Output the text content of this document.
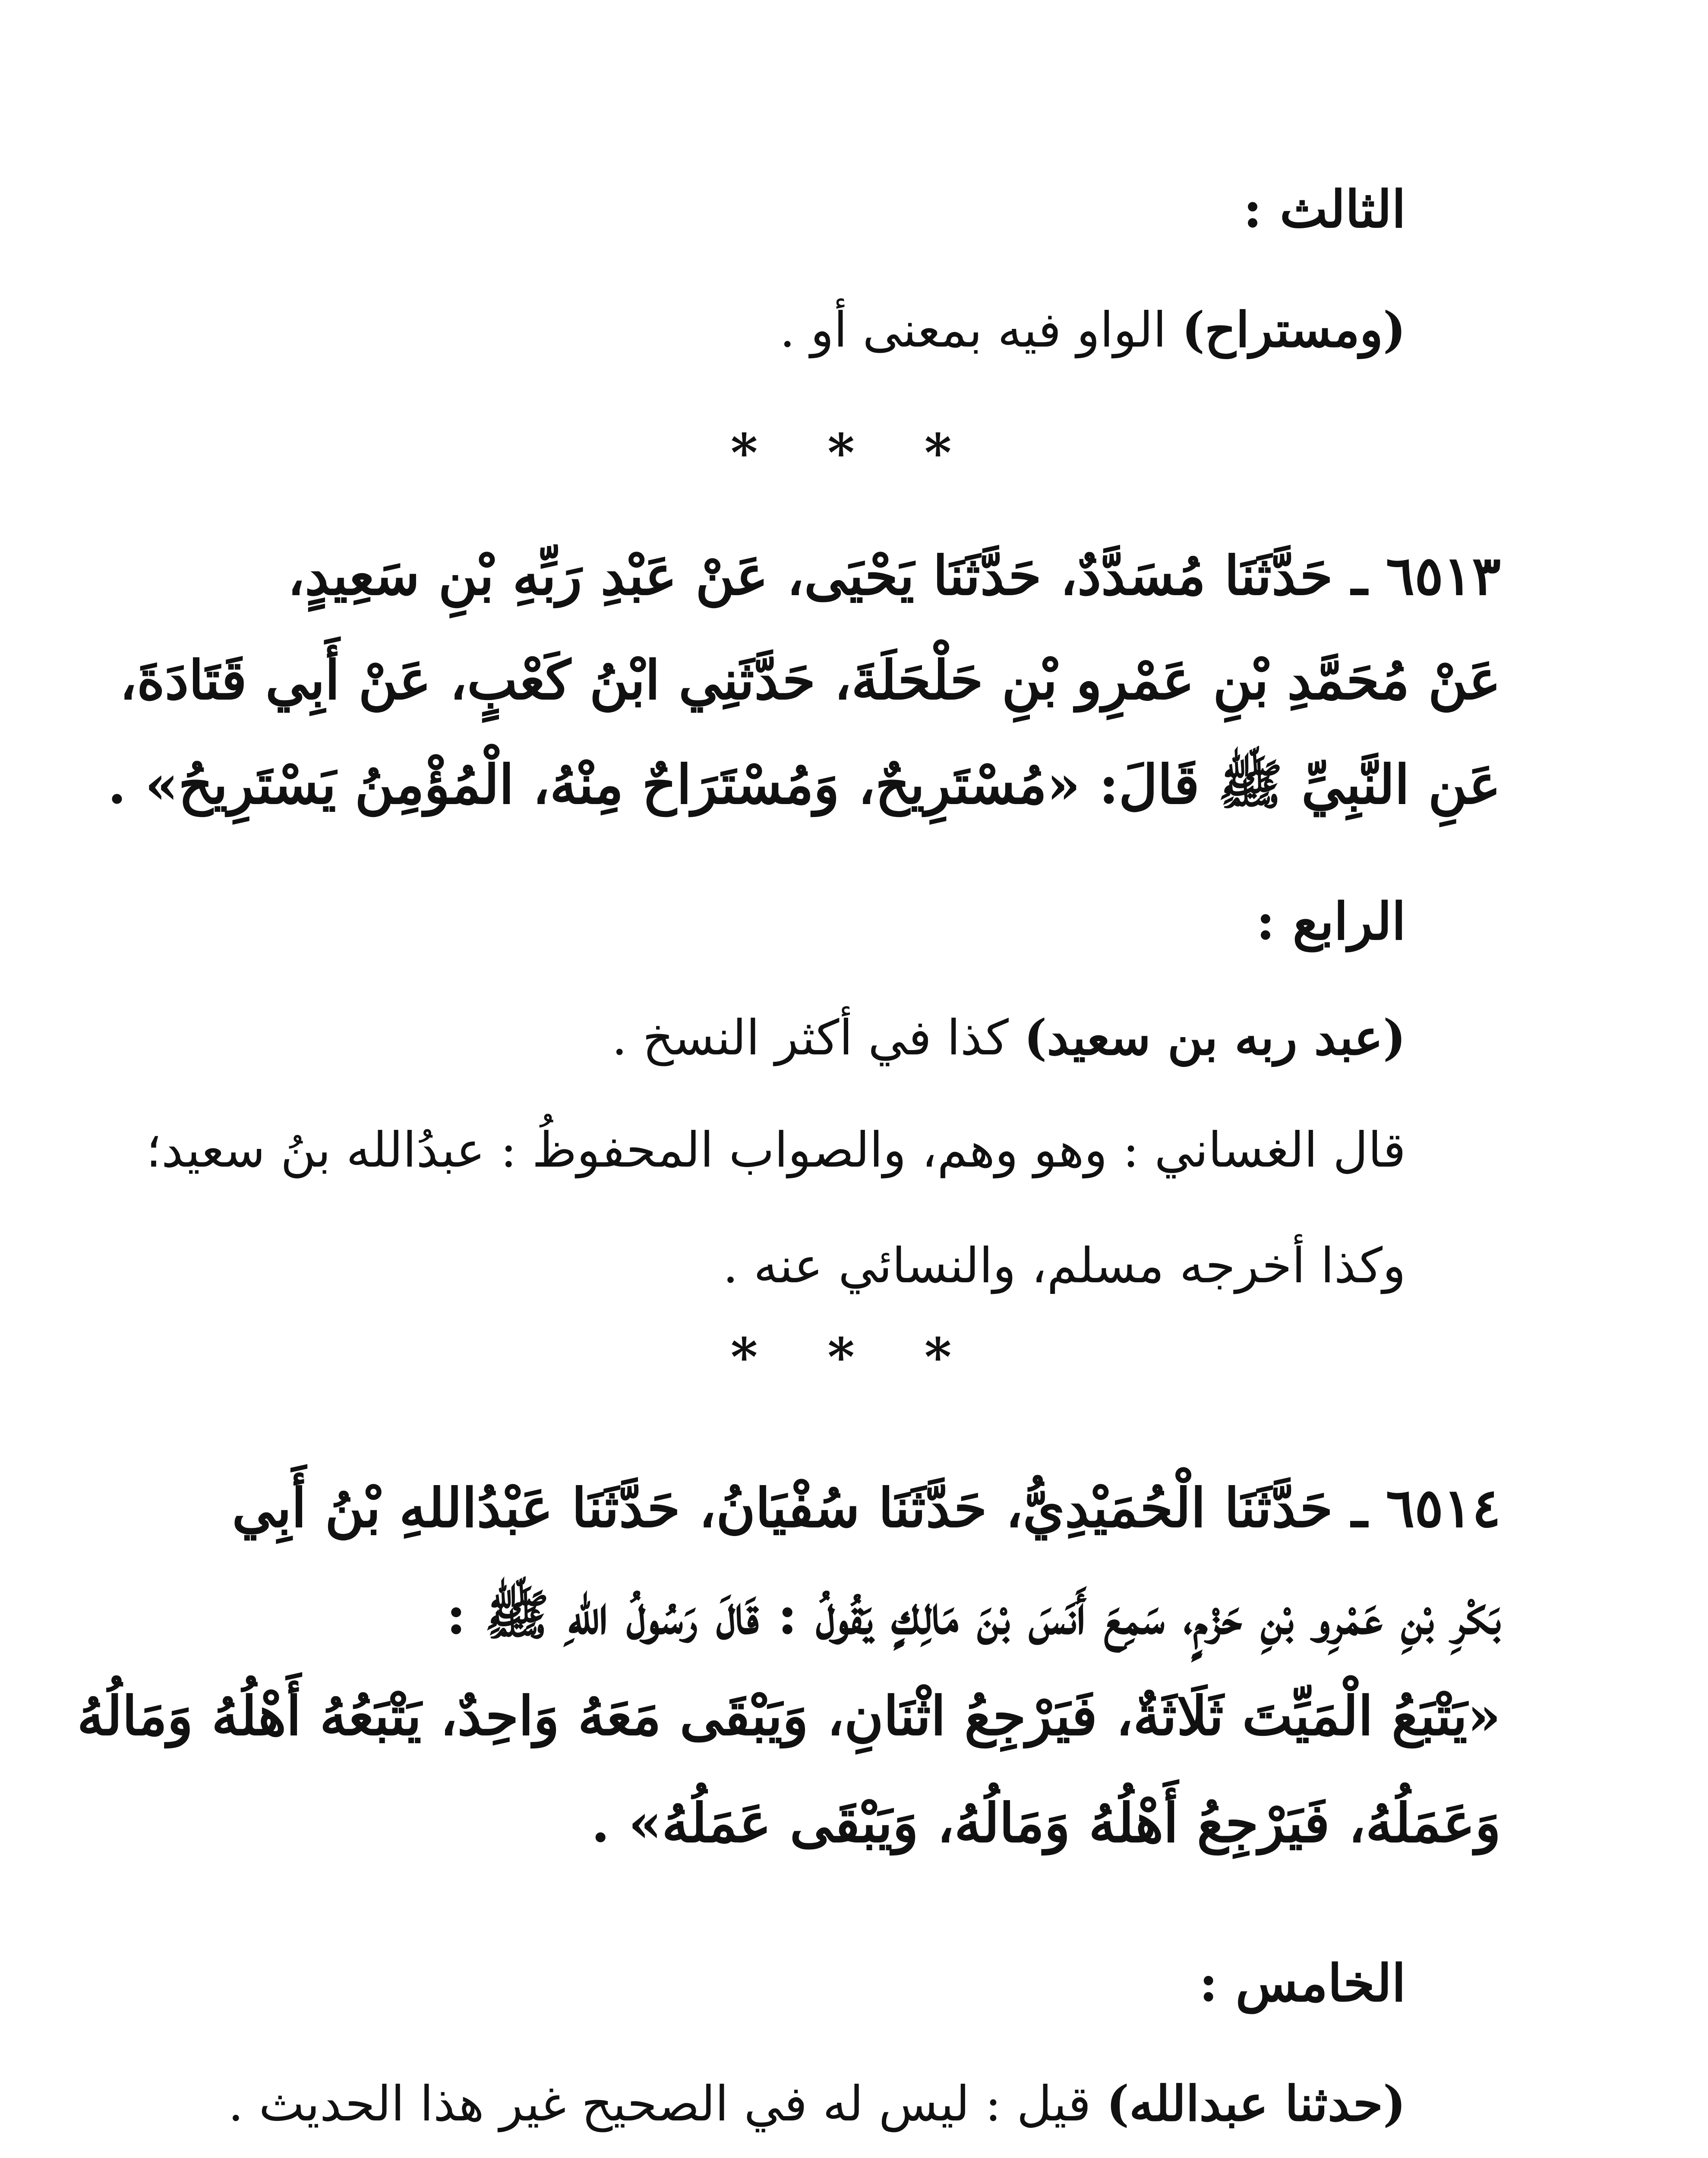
الثالث :
(ومستراح) الواو فيه بمعنى أو .
* * *
٦٥١٣ ـ حَدَّثَنَا مُسَدَّدٌ، حَدَّثَنَا يَحْيَى، عَنْ عَبْدِ رَبِّهِ بْنِ سَعِيدٍ،
عَنْ مُحَمَّدِ بْنِ عَمْرِو بْنِ حَلْحَلَةَ، حَدَّثَنِي ابْنُ كَعْبٍ، عَنْ أَبِي قَتَادَةَ،
عَنِ النَّبِيِّ ﷺ قَالَ: «مُسْتَرِيحٌ، وَمُسْتَرَاحٌ مِنْهُ، الْمُؤْمِنُ يَسْتَرِيحُ» .
الرابع :
(عبد ربه بن سعيد) كذا في أكثر النسخ .
قال الغساني : وهو وهم، والصواب المحفوظُ : عبدُالله بنُ سعيد؛
وكذا أخرجه مسلم، والنسائي عنه .
* * *
٦٥١٤ ـ حَدَّثَنَا الْحُمَيْدِيُّ، حَدَّثَنَا سُفْيَانُ، حَدَّثَنَا عَبْدُاللهِ بْنُ أَبِي
بَكْرِ بْنِ عَمْرِو بْنِ حَزْمٍ، سَمِعَ أَنَسَ بْنَ مَالِكٍ يَقُولُ : قَالَ رَسُولُ اللهِ ﷺ :
«يَتْبَعُ الْمَيِّتَ ثَلَاثَةٌ، فَيَرْجِعُ اثْنَانِ، وَيَبْقَى مَعَهُ وَاحِدٌ، يَتْبَعُهُ أَهْلُهُ وَمَالُهُ
وَعَمَلُهُ، فَيَرْجِعُ أَهْلُهُ وَمَالُهُ، وَيَبْقَى عَمَلُهُ» .
الخامس :
(حدثنا عبدالله) قيل : ليس له في الصحيح غير هذا الحديث .
